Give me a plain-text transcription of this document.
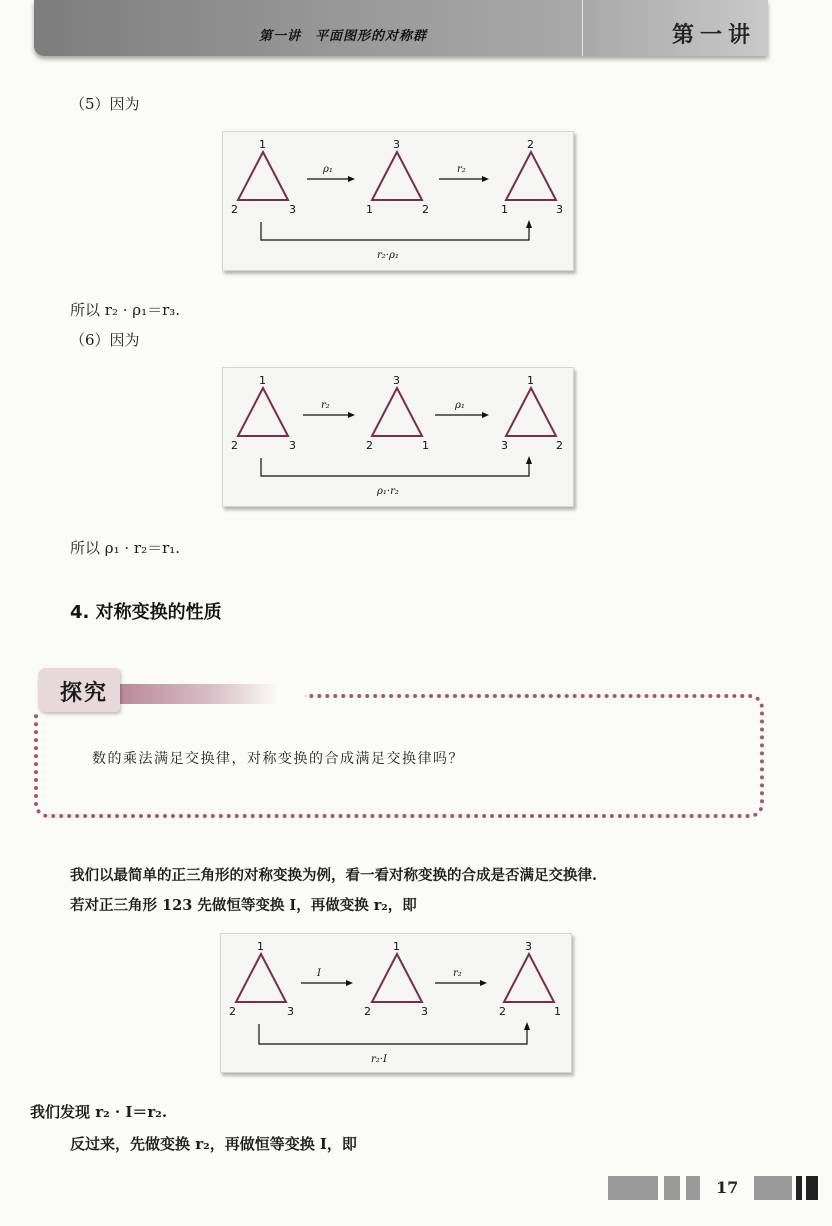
第一讲　平面图形的对称群	第一讲
（5）因为
1
2	3
3
1	2
2
1	3
ρ₁	r₂
r₂·ρ₁
所以 r₂ · ρ₁＝r₃.
（6）因为
1
2	3
3
2	1
1
3	2
r₂	ρ₁
ρ₁·r₂
所以 ρ₁ · r₂＝r₁.
4. 对称变换的性质
探究
数的乘法满足交换律，对称变换的合成满足交换律吗？
我们以最简单的正三角形的对称变换为例，看一看对称变换的合成是否满足交换律.
若对正三角形 123 先做恒等变换 I，再做变换 r₂，即
1
2	3
1
2	3
3
2	1
I	r₂
r₂·I
我们发现 r₂ · I＝r₂.
反过来，先做变换 r₂，再做恒等变换 I，即
17
